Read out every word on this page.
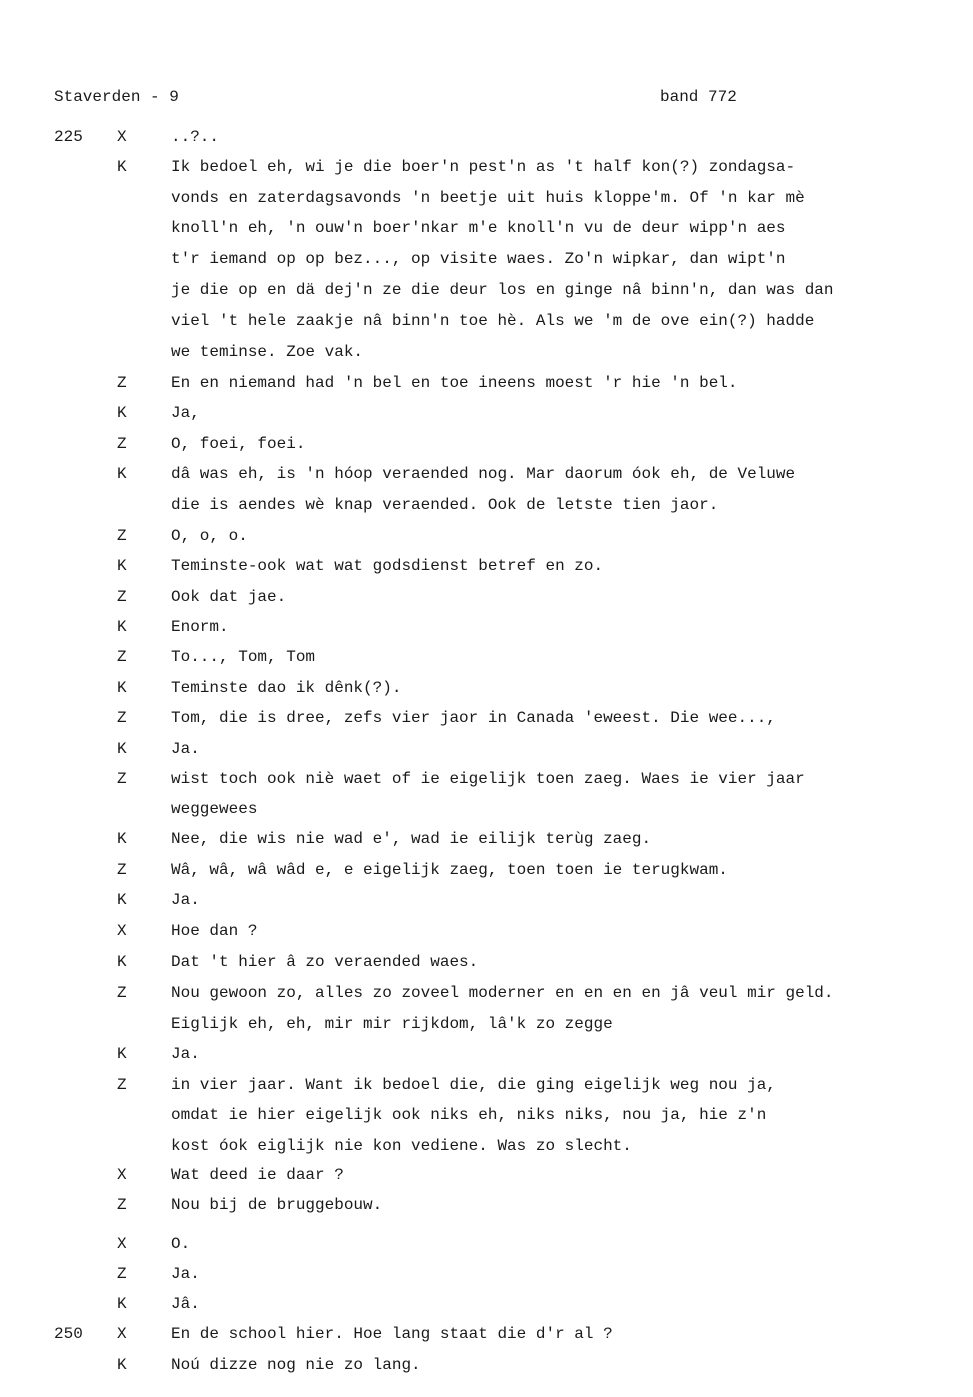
Staverden - 9	band 772
225 X	..?..
K	Ik bedoel eh, wi je die boer'n pest'n as 't half kon(?) zondagsa-
vonds en zaterdagsavonds 'n beetje uit huis kloppe'm. Of 'n kar mè
knoll'n eh, 'n ouw'n boer'nkar m'e knoll'n vu de deur wipp'n aes
t'r iemand op op bez..., op visite waes. Zo'n wipkar, dan wipt'n
je die op en dä dej'n ze die deur los en ginge nâ binn'n, dan was dan
viel 't hele zaakje nâ binn'n toe hè. Als we 'm de ove ein(?) hadde
we teminse. Zoe vak.
Z	En en niemand had 'n bel en toe ineens moest 'r hie 'n bel.
K	Ja,
Z	O, foei, foei.
K	dâ was eh, is 'n hóop veraended nog. Mar daorum óok eh, de Veluwe
die is aendes wè knap veraended. Ook de letste tien jaor.
Z	O, o, o.
K	Teminste-ook wat wat godsdienst betref en zo.
Z	Ook dat jae.
K	Enorm.
Z	To..., Tom, Tom
K	Teminste dao ik dênk(?).
Z	Tom, die is dree, zefs vier jaor in Canada 'eweest. Die wee...,
K	Ja.
Z	wist toch ook niè waet of ie eigelijk toen zaeg. Waes ie vier jaar
weggewees
K	Nee, die wis nie wad e', wad ie eilijk terùg zaeg.
Z	Wâ, wâ, wâ wâd e, e eigelijk zaeg, toen toen ie terugkwam.
K	Ja.
X	Hoe dan ?
K	Dat 't hier â zo veraended waes.
Z	Nou gewoon zo, alles zo zoveel moderner en en en en jâ veul mir geld.
Eiglijk eh, eh, mir mir rijkdom, lâ'k zo zegge
K	Ja.
Z	in vier jaar. Want ik bedoel die, die ging eigelijk weg nou ja,
omdat ie hier eigelijk ook niks eh, niks niks, nou ja, hie z'n
kost óok eiglijk nie kon vediene. Was zo slecht.
X	Wat deed ie daar ?
Z	Nou bij de bruggebouw.
X	O.
Z	Ja.
K	Jâ.
250 X	En de school hier. Hoe lang staat die d'r al ?
K	Noú dizze nog nie zo lang.
